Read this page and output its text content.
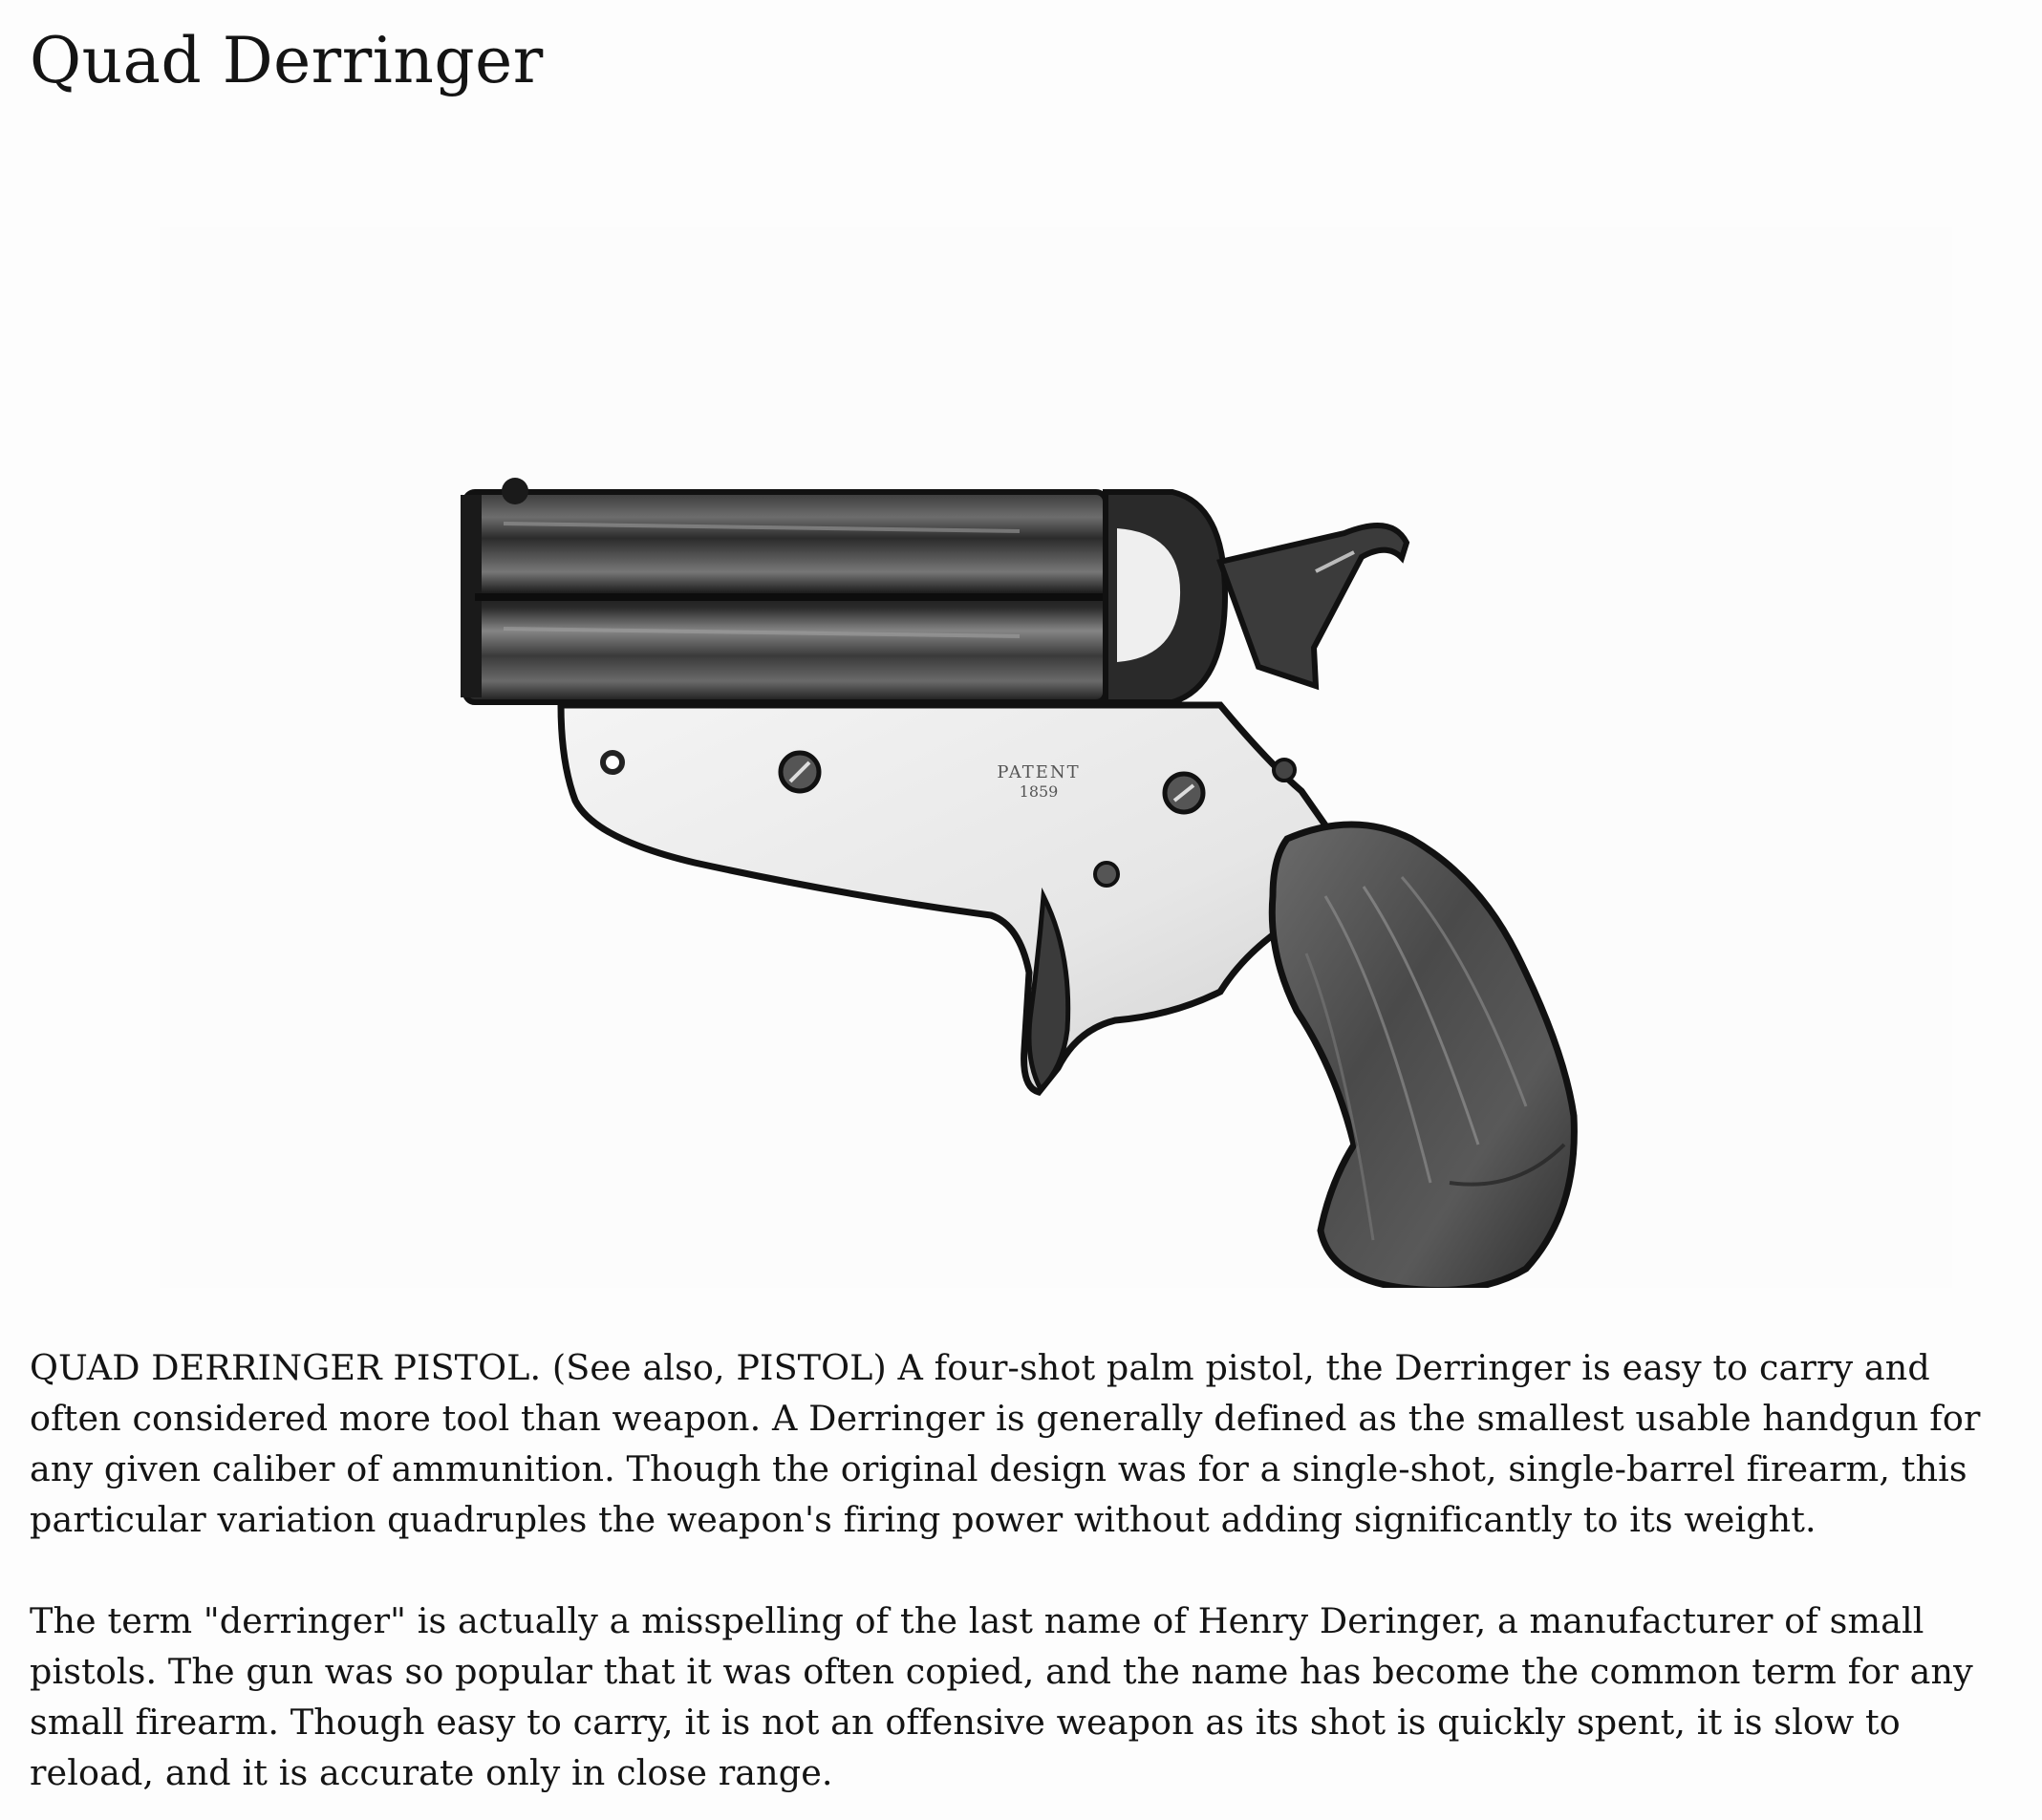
Quad Derringer
PATENT
1859

QUAD DERRINGER PISTOL. (See also, PISTOL) A four-shot palm pistol, the Derringer is easy to carry and often considered more tool than weapon. A Derringer is generally defined as the smallest usable handgun for any given caliber of ammunition. Though the original design was for a single-shot, single-barrel firearm, this particular variation quadruples the weapon's firing power without adding significantly to its weight.

The term "derringer" is actually a misspelling of the last name of Henry Deringer, a manufacturer of small pistols. The gun was so popular that it was often copied, and the name has become the common term for any small firearm. Though easy to carry, it is not an offensive weapon as its shot is quickly spent, it is slow to reload, and it is accurate only in close range.
